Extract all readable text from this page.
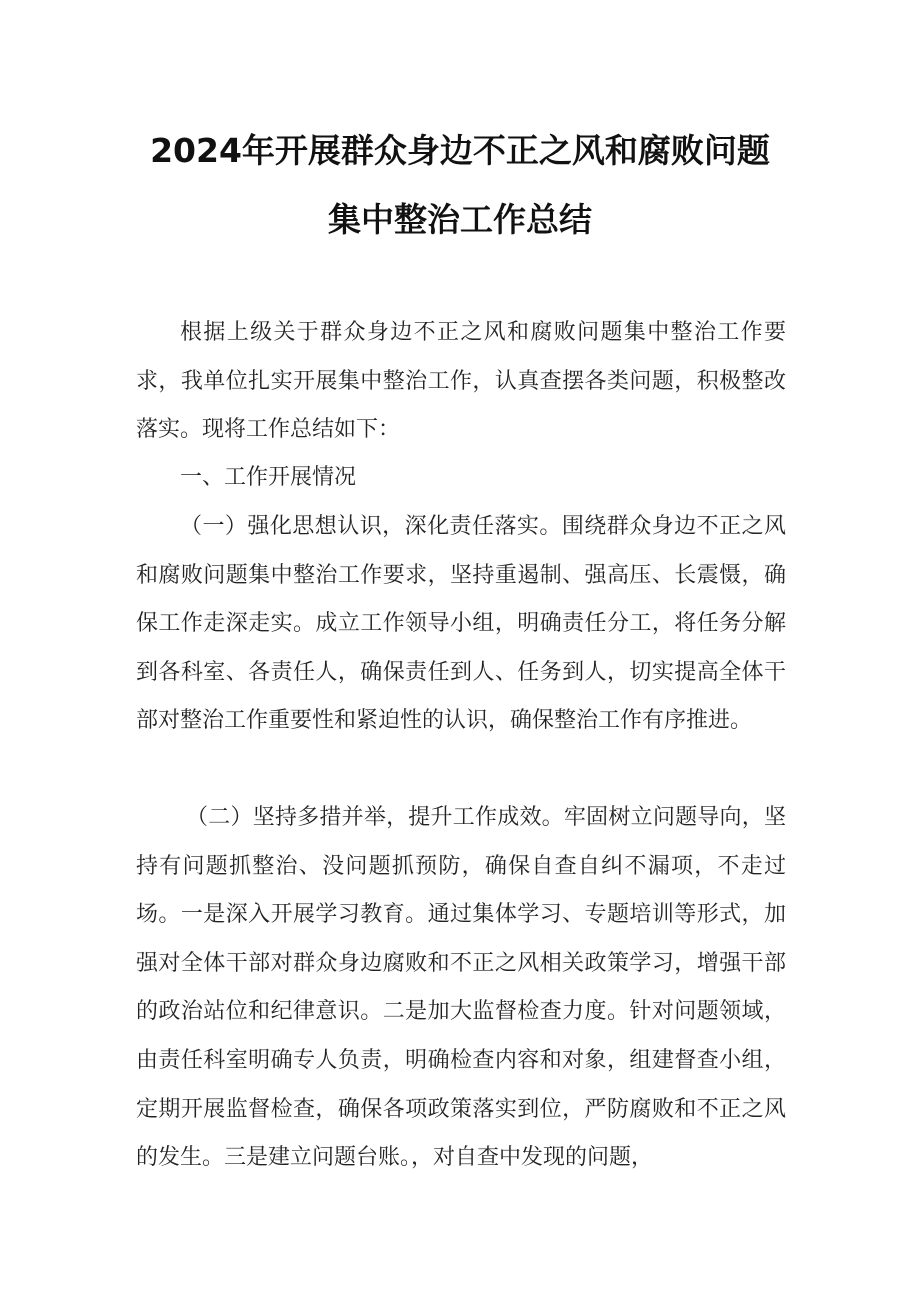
2024年开展群众身边不正之风和腐败问题
集中整治工作总结

根据上级关于群众身边不正之风和腐败问题集中整治工作要求，我单位扎实开展集中整治工作，认真查摆各类问题，积极整改落实。现将工作总结如下：

一、工作开展情况

（一）强化思想认识，深化责任落实。围绕群众身边不正之风和腐败问题集中整治工作要求，坚持重遏制、强高压、长震慑，确保工作走深走实。成立工作领导小组，明确责任分工，将任务分解到各科室、各责任人，确保责任到人、任务到人，切实提高全体干部对整治工作重要性和紧迫性的认识，确保整治工作有序推进。

（二）坚持多措并举，提升工作成效。牢固树立问题导向，坚持有问题抓整治、没问题抓预防，确保自查自纠不漏项，不走过场。一是深入开展学习教育。通过集体学习、专题培训等形式，加强对全体干部对群众身边腐败和不正之风相关政策学习，增强干部的政治站位和纪律意识。二是加大监督检查力度。针对问题领域，由责任科室明确专人负责，明确检查内容和对象，组建督查小组，定期开展监督检查，确保各项政策落实到位，严防腐败和不正之风的发生。三是建立问题台账。，对自查中发现的问题，
